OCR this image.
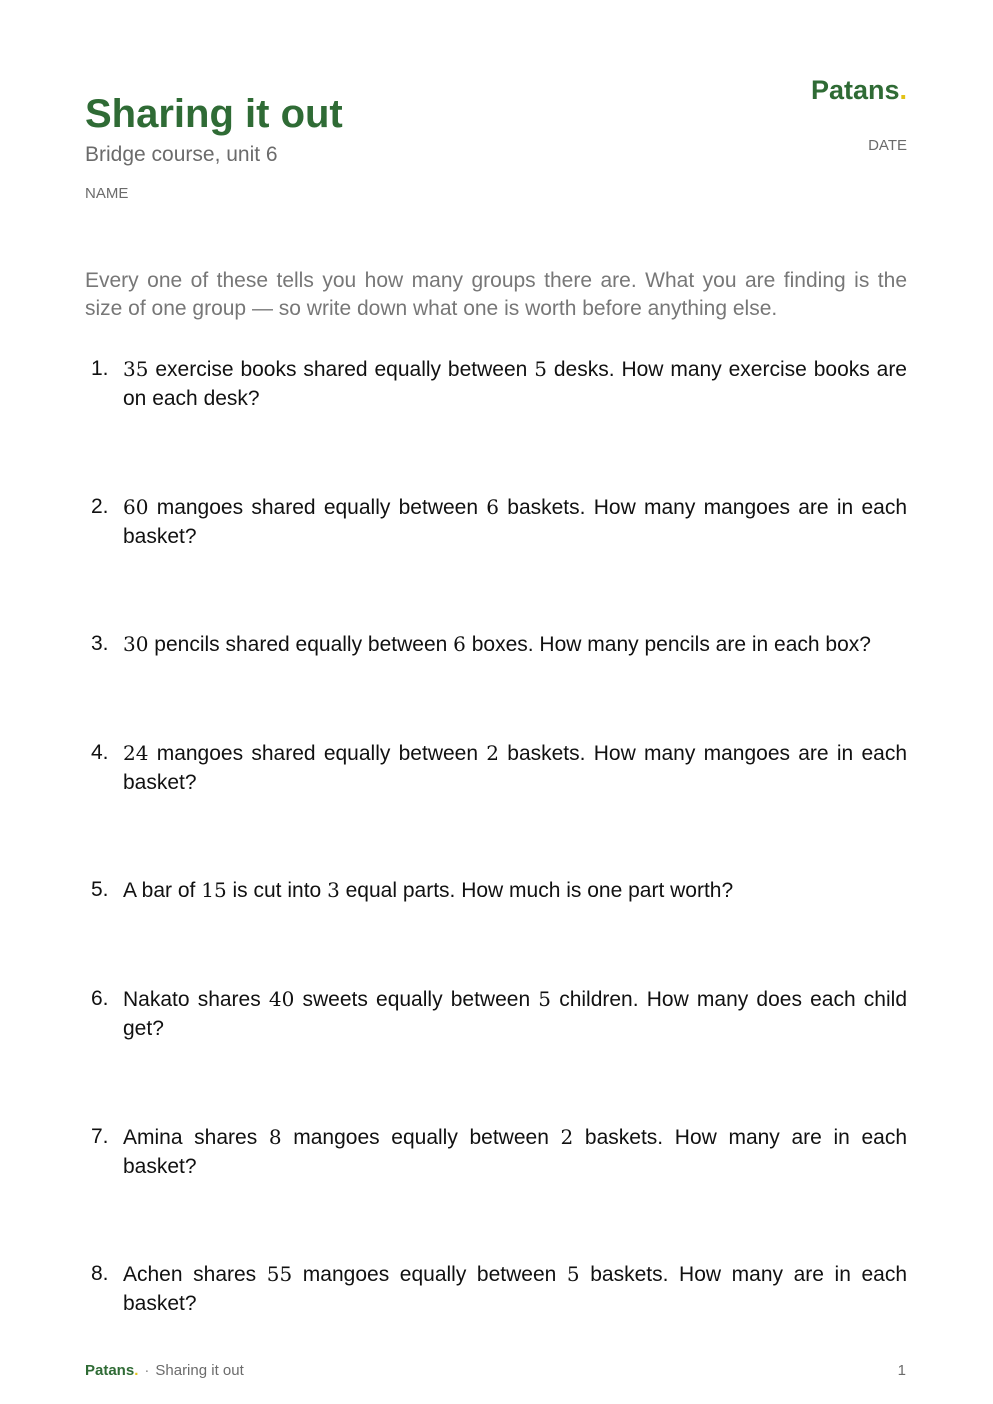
Sharing it out
Bridge course, unit 6
NAME
Patans.
DATE
Every one of these tells you how many groups there are. What you are finding is the size of one group — so write down what one is worth before anything else.
1. 35 exercise books shared equally between 5 desks. How many exercise books are on each desk?
2. 60 mangoes shared equally between 6 baskets. How many mangoes are in each basket?
3. 30 pencils shared equally between 6 boxes. How many pencils are in each box?
4. 24 mangoes shared equally between 2 baskets. How many mangoes are in each basket?
5. A bar of 15 is cut into 3 equal parts. How much is one part worth?
6. Nakato shares 40 sweets equally between 5 children. How many does each child get?
7. Amina shares 8 mangoes equally between 2 baskets. How many are in each basket?
8. Achen shares 55 mangoes equally between 5 baskets. How many are in each basket?
Patans. · Sharing it out	1
